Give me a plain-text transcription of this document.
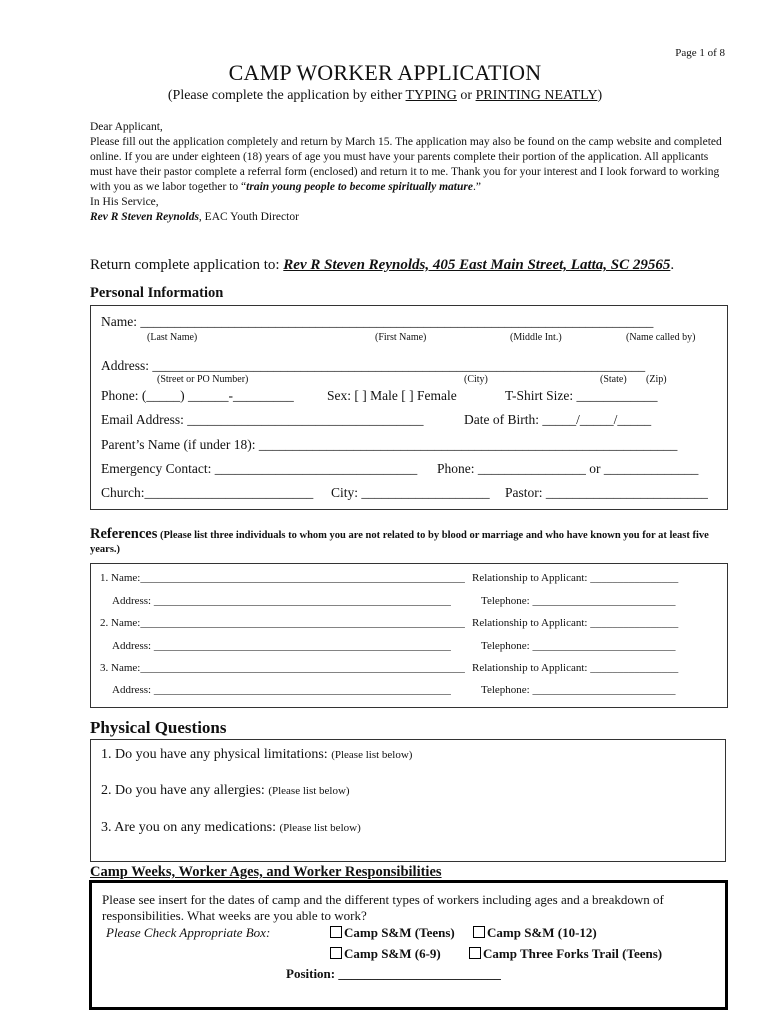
Page 1 of 8
CAMP WORKER APPLICATION
(Please complete the application by either TYPING or PRINTING NEATLY)

Dear Applicant,

Please fill out the application completely and return by March 15. The application may also be found on the camp website and completed online. If you are under eighteen (18) years of age you must have your parents complete their portion of the application. All applicants must have their pastor complete a referral form (enclosed) and return it to me. Thank you for your interest and I look forward to working with you as we labor together to “train young people to become spiritually mature.”

In His Service,

Rev R Steven Reynolds, EAC Youth Director

Return complete application to: Rev R Steven Reynolds, 405 East Main Street, Latta, SC 29565.
Personal Information
Name: ____________________________________________________________________________
(Last Name)	(First Name)	(Middle Int.)	(Name called by)
Address: _________________________________________________________________________
(Street or PO Number)	(City)	(State) (Zip)
Phone: (_____) ______-_________ Sex: [ ] Male [ ] Female	T-Shirt Size: ____________
Email Address: ___________________________________	Date of Birth: _____/_____/_____
Parent’s Name (if under 18): ______________________________________________________________
Emergency Contact: ______________________________ Phone: ________________ or ______________
Church:_________________________ City: ___________________ Pastor: ________________________
References (Please list three individuals to whom you are not related to by blood or marriage and who have known you for at least five years.)
1. Name:___________________________________________________________ Relationship to Applicant: ________________
Address: ______________________________________________________	Telephone: __________________________
2. Name:___________________________________________________________ Relationship to Applicant: ________________
Address: ______________________________________________________	Telephone: __________________________
3. Name:___________________________________________________________ Relationship to Applicant: ________________
Address: ______________________________________________________	Telephone: __________________________
Physical Questions
1. Do you have any physical limitations: (Please list below)
2. Do you have any allergies: (Please list below)
3. Are you on any medications: (Please list below)
Camp Weeks, Worker Ages, and Worker Responsibilities
Please see insert for the dates of camp and the different types of workers including ages and a breakdown of responsibilities. What weeks are you able to work?
Please Check Appropriate Box:	Camp S&M (Teens)	Camp S&M (10-12)
Camp S&M (6-9)	Camp Three Forks Trail (Teens)
Position: _________________________
